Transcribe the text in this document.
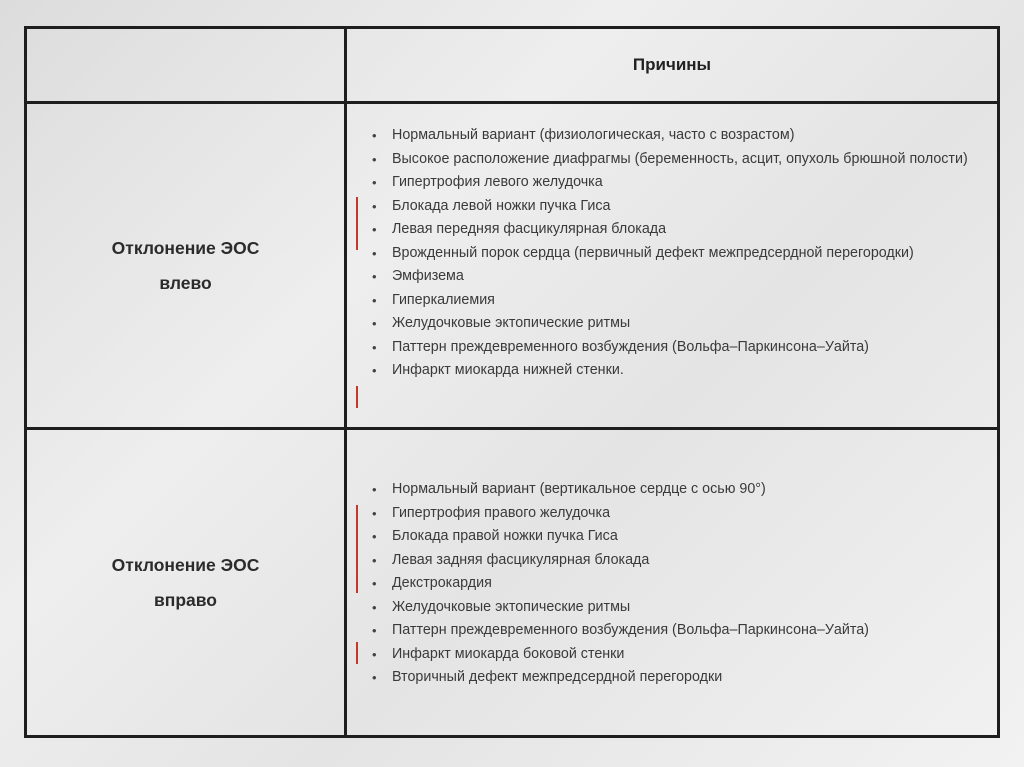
Причины
Отклонение ЭОС
влево
• Нормальный вариант (физиологическая, часто с возрастом)
• Высокое расположение диафрагмы (беременность, асцит, опухоль брюшной полости)
• Гипертрофия левого желудочка
• Блокада левой ножки пучка Гиса
• Левая передняя фасцикулярная блокада
• Врожденный порок сердца (первичный дефект межпредсердной перегородки)
• Эмфизема
• Гиперкалиемия
• Желудочковые эктопические ритмы
• Паттерн преждевременного возбуждения (Вольфа–Паркинсона–Уайта)
• Инфаркт миокарда нижней стенки.
Отклонение ЭОС
вправо
• Нормальный вариант (вертикальное сердце с осью 90°)
• Гипертрофия правого желудочка
• Блокада правой ножки пучка Гиса
• Левая задняя фасцикулярная блокада
• Декстрокардия
• Желудочковые эктопические ритмы
• Паттерн преждевременного возбуждения (Вольфа–Паркинсона–Уайта)
• Инфаркт миокарда боковой стенки
• Вторичный дефект межпредсердной перегородки
